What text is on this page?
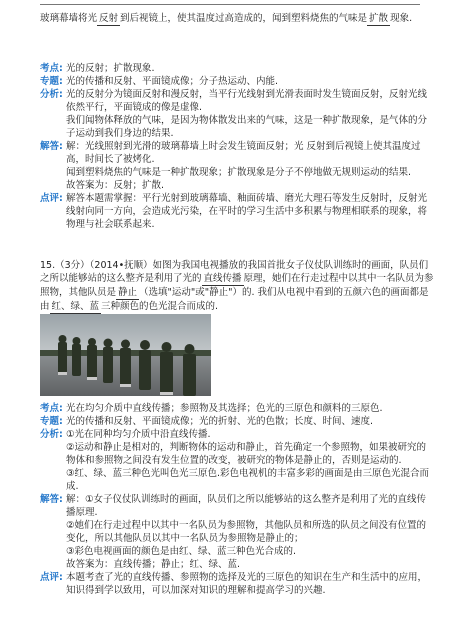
玻璃幕墙将光 反射 到后视镜上，使其温度过高造成的，闻到塑料烧焦的气味是 扩散 现象.

考点: 光的反射；扩散现象.
专题: 光的传播和反射、平面镜成像；分子热运动、内能.
分析: 光的反射分为镜面反射和漫反射，当平行光线射到光滑表面时发生镜面反射，反射光线依然平行，平面镜成的像是虚像.

我们闻物体释放的气味，是因为物体散发出来的气味，这是一种扩散现象，是气体的分子运动到我们身边的结果.

解答: 解：光线照射到光滑的玻璃幕墙上时会发生镜面反射；光 反射到后视镜上使其温度过高，时间长了被烤化.

闻到塑料烧焦的气味是一种扩散现象；扩散现象是分子不停地做无规则运动的结果.

故答案为：反射；扩散.

点评: 解答本题需掌握：平行光射到玻璃幕墙、釉面砖墙、磨光大理石等发生反射时，反射光线射向同一方向，会造成光污染，在平时的学习生活中多积累与物理相联系的现象，将物理与社会联系起来.

15.（3分）（2014•抚顺）如图为我国电视播放的我国首批女子仪仗队训练时的画面，队员们之所以能够站的这么整齐是利用了光的 直线传播 原理，她们在行走过程中以其中一名队员为参照物，其他队员是 静止 （选填"运动"或"静止"）的. 我们从电视中看到的五颜六色的画面都是由 红、绿、蓝 三种颜色的色光混合而成的.

考点: 光在均匀介质中直线传播；参照物及其选择；色光的三原色和颜料的三原色.
专题: 光的传播和反射、平面镜成像；光的折射、光的色散；长度、时间、速度.
分析: ①光在同种均匀介质中沿直线传播.

②运动和静止是相对的，判断物体的运动和静止，首先确定一个参照物，如果被研究的物体和参照物之间没有发生位置的改变，被研究的物体是静止的，否则是运动的.

③红、绿、蓝三种色光叫色光三原色.彩色电视机的丰富多彩的画面是由三原色光混合而成.

解答: 解：①女子仪仗队训练时的画面，队员们之所以能够站的这么整齐是利用了光的直线传播原理.

②她们在行走过程中以其中一名队员为参照物，其他队员和所选的队员之间没有位置的变化，所以其他队员以其中一名队员为参照物是静止的；

③彩色电视画面的颜色是由红、绿、蓝三种色光合成的.

故答案为：直线传播；静止；红、绿、蓝.

点评: 本题考查了光的直线传播、参照物的选择及光的三原色的知识在生产和生活中的应用，知识得到学以致用，可以加深对知识的理解和提高学习的兴趣.
